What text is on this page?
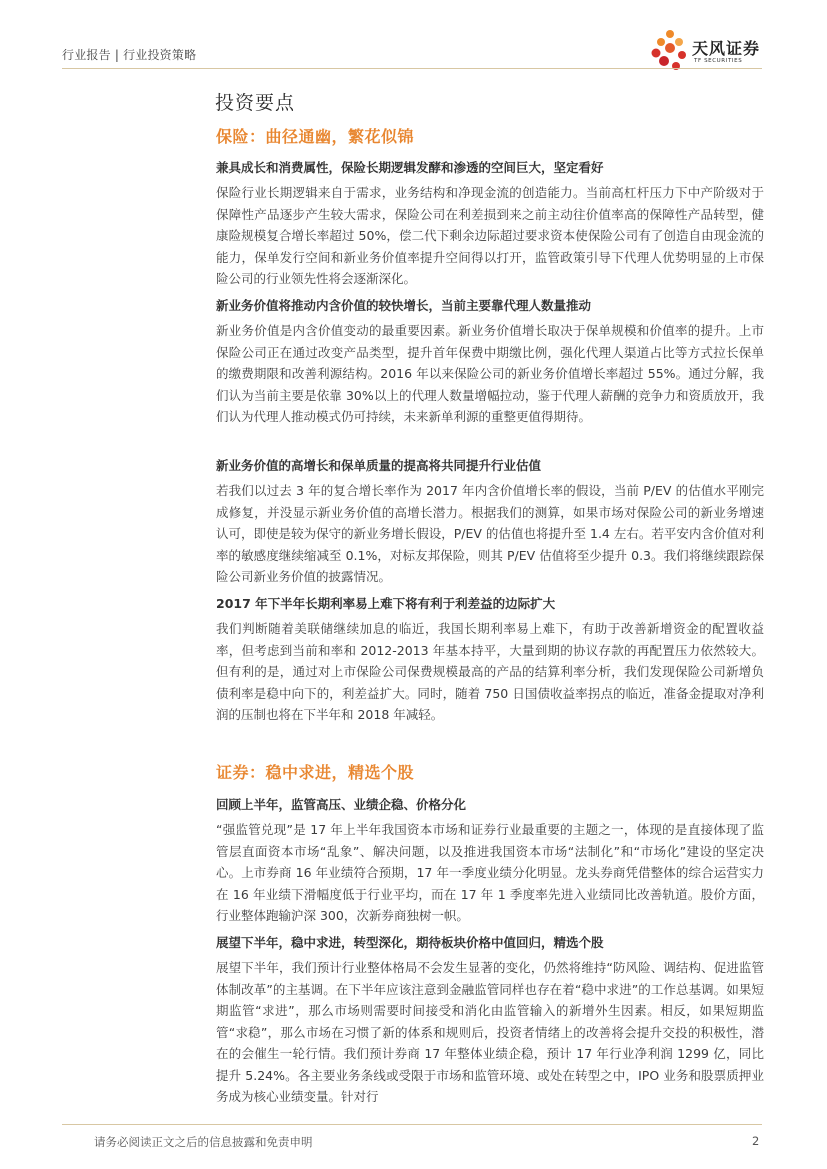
行业报告 | 行业投资策略	天风证券
TF SECURITIES
投资要点
保险：曲径通幽，繁花似锦
兼具成长和消费属性，保险长期逻辑发酵和渗透的空间巨大，坚定看好

保险行业长期逻辑来自于需求，业务结构和净现金流的创造能力。当前高杠杆压力下中产阶级对于保障性产品逐步产生较大需求，保险公司在利差损到来之前主动往价值率高的保障性产品转型，健康险规模复合增长率超过 50%，偿二代下剩余边际超过要求资本使保险公司有了创造自由现金流的能力，保单发行空间和新业务价值率提升空间得以打开，监管政策引导下代理人优势明显的上市保险公司的行业领先性将会逐渐深化。

新业务价值将推动内含价值的较快增长，当前主要靠代理人数量推动

新业务价值是内含价值变动的最重要因素。新业务价值增长取决于保单规模和价值率的提升。上市保险公司正在通过改变产品类型，提升首年保费中期缴比例，强化代理人渠道占比等方式拉长保单的缴费期限和改善利源结构。2016 年以来保险公司的新业务价值增长率超过 55%。通过分解，我们认为当前主要是依靠 30%以上的代理人数量增幅拉动，鉴于代理人薪酬的竞争力和资质放开，我们认为代理人推动模式仍可持续，未来新单利源的重整更值得期待。

新业务价值的高增长和保单质量的提高将共同提升行业估值

若我们以过去 3 年的复合增长率作为 2017 年内含价值增长率的假设，当前 P/EV 的估值水平刚完成修复，并没显示新业务价值的高增长潜力。根据我们的测算，如果市场对保险公司的新业务增速认可，即使是较为保守的新业务增长假设，P/EV 的估值也将提升至 1.4 左右。若平安内含价值对利率的敏感度继续缩减至 0.1%，对标友邦保险，则其 P/EV 估值将至少提升 0.3。我们将继续跟踪保险公司新业务价值的披露情况。

2017 年下半年长期利率易上难下将有利于利差益的边际扩大

我们判断随着美联储继续加息的临近，我国长期利率易上难下，有助于改善新增资金的配置收益率，但考虑到当前和率和 2012-2013 年基本持平，大量到期的协议存款的再配置压力依然较大。但有利的是，通过对上市保险公司保费规模最高的产品的结算利率分析，我们发现保险公司新增负债利率是稳中向下的，利差益扩大。同时，随着 750 日国债收益率拐点的临近，准备金提取对净利润的压制也将在下半年和 2018 年减轻。

证券：稳中求进，精选个股
回顾上半年，监管高压、业绩企稳、价格分化

“强监管兑现”是 17 年上半年我国资本市场和证券行业最重要的主题之一，体现的是直接体现了监管层直面资本市场“乱象”、解决问题，以及推进我国资本市场“法制化”和“市场化”建设的坚定决心。上市券商 16 年业绩符合预期，17 年一季度业绩分化明显。龙头券商凭借整体的综合运营实力在 16 年业绩下滑幅度低于行业平均，而在 17 年 1 季度率先进入业绩同比改善轨道。股价方面，行业整体跑输沪深 300，次新券商独树一帜。

展望下半年，稳中求进，转型深化，期待板块价格中值回归，精选个股

展望下半年，我们预计行业整体格局不会发生显著的变化，仍然将维持“防风险、调结构、促进监管体制改革”的主基调。在下半年应该注意到金融监管同样也存在着“稳中求进”的工作总基调。如果短期监管“求进”，那么市场则需要时间接受和消化由监管输入的新增外生因素。相反，如果短期监管“求稳”，那么市场在习惯了新的体系和规则后，投资者情绪上的改善将会提升交投的积极性，潜在的会催生一轮行情。我们预计券商 17 年整体业绩企稳，预计 17 年行业净利润 1299 亿，同比提升 5.24%。各主要业务条线或受限于市场和监管环境、或处在转型之中，IPO 业务和股票质押业务成为核心业绩变量。针对行

请务必阅读正文之后的信息披露和免责申明	2
